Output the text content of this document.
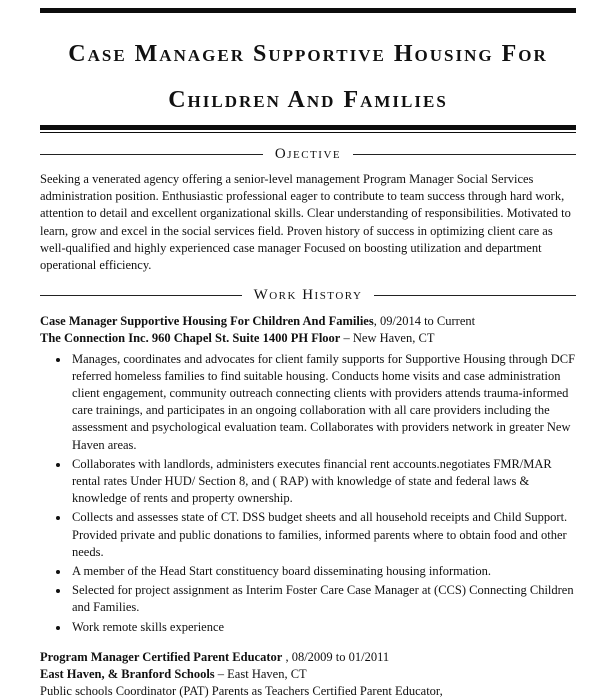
Case Manager Supportive Housing For
Children And Families
Ojective

Seeking a venerated agency offering a senior-level management Program Manager Social Services administration position. Enthusiastic professional eager to contribute to team success through hard work, attention to detail and excellent organizational skills. Clear understanding of responsibilities. Motivated to learn, grow and excel in the social services field. Proven history of success in optimizing client care as well-qualified and highly experienced case manager Focused on boosting utilization and department operational efficiency.

Work History

Case Manager Supportive Housing For Children And Families, 09/2014 to Current

The Connection Inc. 960 Chapel St. Suite 1400 PH Floor – New Haven, CT

• Manages, coordinates and advocates for client family supports for Supportive Housing through DCF referred homeless families to find suitable housing. Conducts home visits and case administration client engagement, community outreach connecting clients with providers attends trauma-informed care trainings, and participates in an ongoing collaboration with all care providers including the assessment and psychological evaluation team. Collaborates with providers network in greater New Haven areas.
• Collaborates with landlords, administers executes financial rent accounts.negotiates FMR/MAR rental rates Under HUD/ Section 8, and ( RAP) with knowledge of state and federal laws & knowledge of rents and property ownership.
• Collects and assesses state of CT. DSS budget sheets and all household receipts and Child Support. Provided private and public donations to families, informed parents where to obtain food and other needs.
• A member of the Head Start constituency board disseminating housing information.
• Selected for project assignment as Interim Foster Care Case Manager at (CCS) Connecting Children and Families.
• Work remote skills experience

Program Manager Certified Parent Educator , 08/2009 to 01/2011

East Haven, & Branford Schools – East Haven, CT

Public schools Coordinator (PAT) Parents as Teachers Certified Parent Educator,
